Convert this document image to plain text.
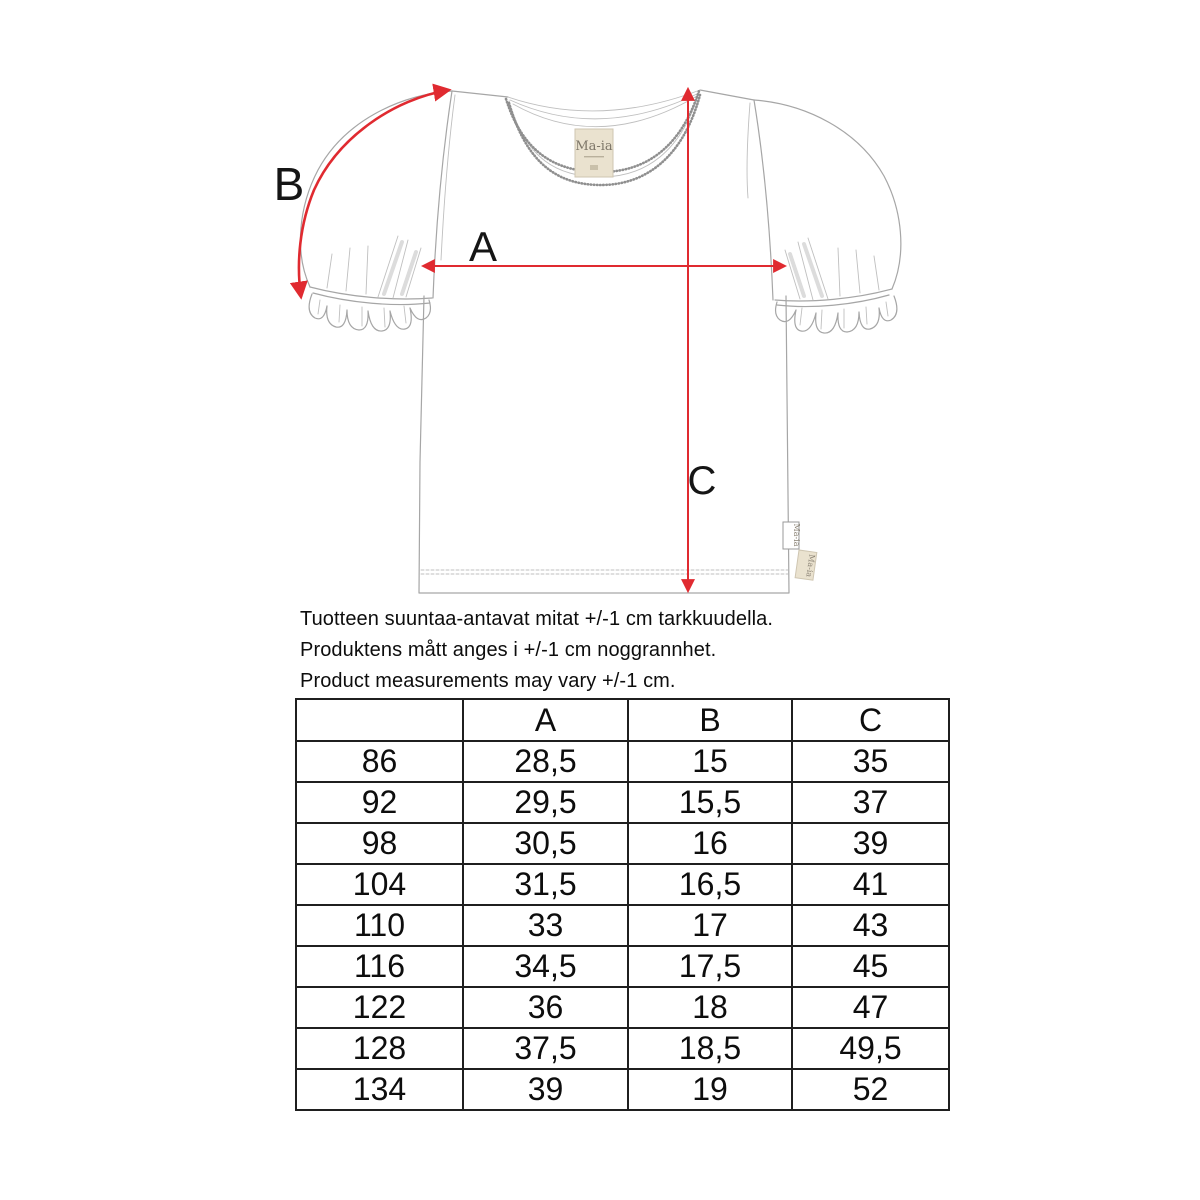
Ma-ia
Ma-ia
Ma-ia
A
B
C

Tuotteen suuntaa-antavat mitat +/-1 cm tarkkuudella.

Produktens mått anges i +/-1 cm noggrannhet.

Product measurements may vary +/-1 cm.

	A	B	C
86	28,5	15	35
92	29,5	15,5	37
98	30,5	16	39
104	31,5	16,5	41
110	33	17	43
116	34,5	17,5	45
122	36	18	47
128	37,5	18,5	49,5
134	39	19	52
